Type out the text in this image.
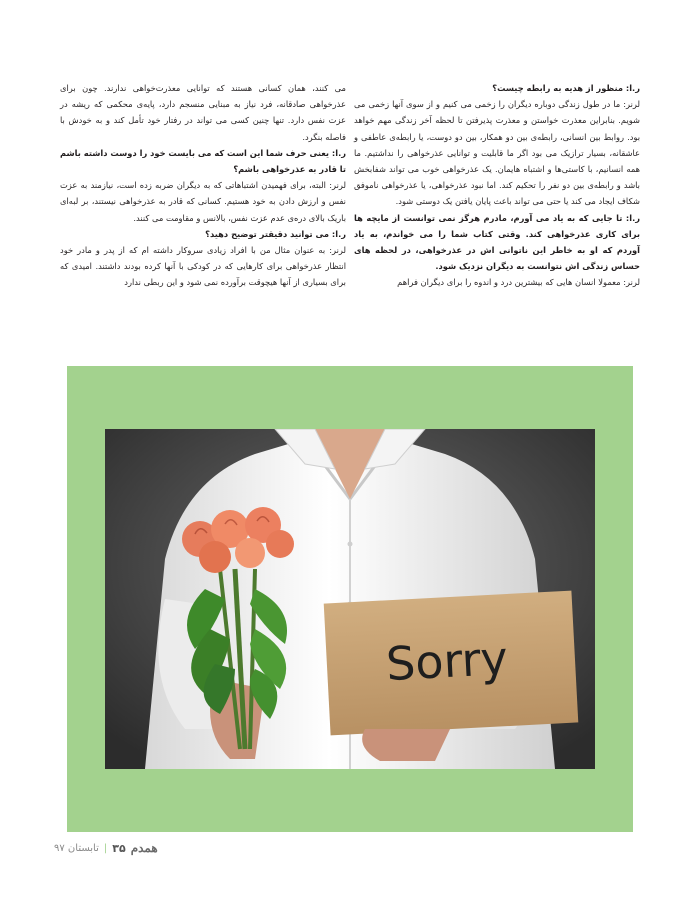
ر.ا: منظور از هدیه به رابطه چیست؟

لرنر: ما در طول زندگی دوباره دیگران را زخمی می کنیم و از سوی آنها زخمی می شویم. بنابراین معذرت خواستن و معذرت پذیرفتن تا لحظه آخر زندگی مهم خواهد بود. روابط بین انسانی، رابطه‌ی بین دو همکار، بین دو دوست، یا رابطه‌ی عاطفی و عاشقانه، بسیار ترازیک می بود اگر ما قابلیت و توانایی عذرخواهی را نداشتیم. ما همه انسانیم، با کاستی‌ها و اشتباه هایمان. یک عذرخواهی خوب می تواند شفابخش باشد و رابطه‌ی بین دو نفر را تحکیم کند. اما نبود عذرخواهی، یا عذرخواهی ناموفق شکاف ایجاد می کند یا حتی می تواند باعث پایان یافتن یک دوستی شود.

ر.ا: تا جایی که به یاد می آورم، مادرم هرگز نمی توانست از مایچه ها برای کاری عذرخواهی کند. وقتی کتاب شما را می خواندم، به یاد آوردم که او به خاطر این ناتوانی اش در عذرخواهی، در لحظه های حساس زندگی اش نتوانست به دیگران نزدیک شود.

لرنر: معمولا انسان هایی که بیشترین درد و اندوه را برای دیگران فراهم

می کنند، همان کسانی هستند که توانایی معذرت‌خواهی ندارند. چون برای عذرخواهی صادقانه، فرد نیاز به مبنایی منسجم دارد، پایه‌ی محکمی که ریشه در عزت نفس دارد. تنها چنین کسی می تواند در رفتار خود تأمل کند و به خودش با فاصله بنگرد.

ر.ا: یعنی حرف شما این است که می بایست خود را دوست داشته باشم تا قادر به عذرخواهی باشم؟

لرنر: البته، برای فهمیدن اشتباهاتی که به دیگران ضربه زده است، نیازمند به عزت نفس و ارزش دادن به خود هستیم. کسانی که قادر به عذرخواهی نیستند، بر لبه‌ای باریک بالای دره‌ی عدم عزت نفس، بالانس و مقاومت می کنند.

ر.ا: می توانید دقیقتر توضیح دهید؟

لرنر: به عنوان مثال من با افراد زیادی سروکار داشته ام که از پدر و مادر خود انتظار عذرخواهی برای کارهایی که در کودکی با آنها کرده بودند داشتند. امیدی که برای بسیاری از آنها هیچوقت برآورده نمی شود و این ربطی ندارد

Sorry
همدم
۳۵
|
تابستان ۹۷
